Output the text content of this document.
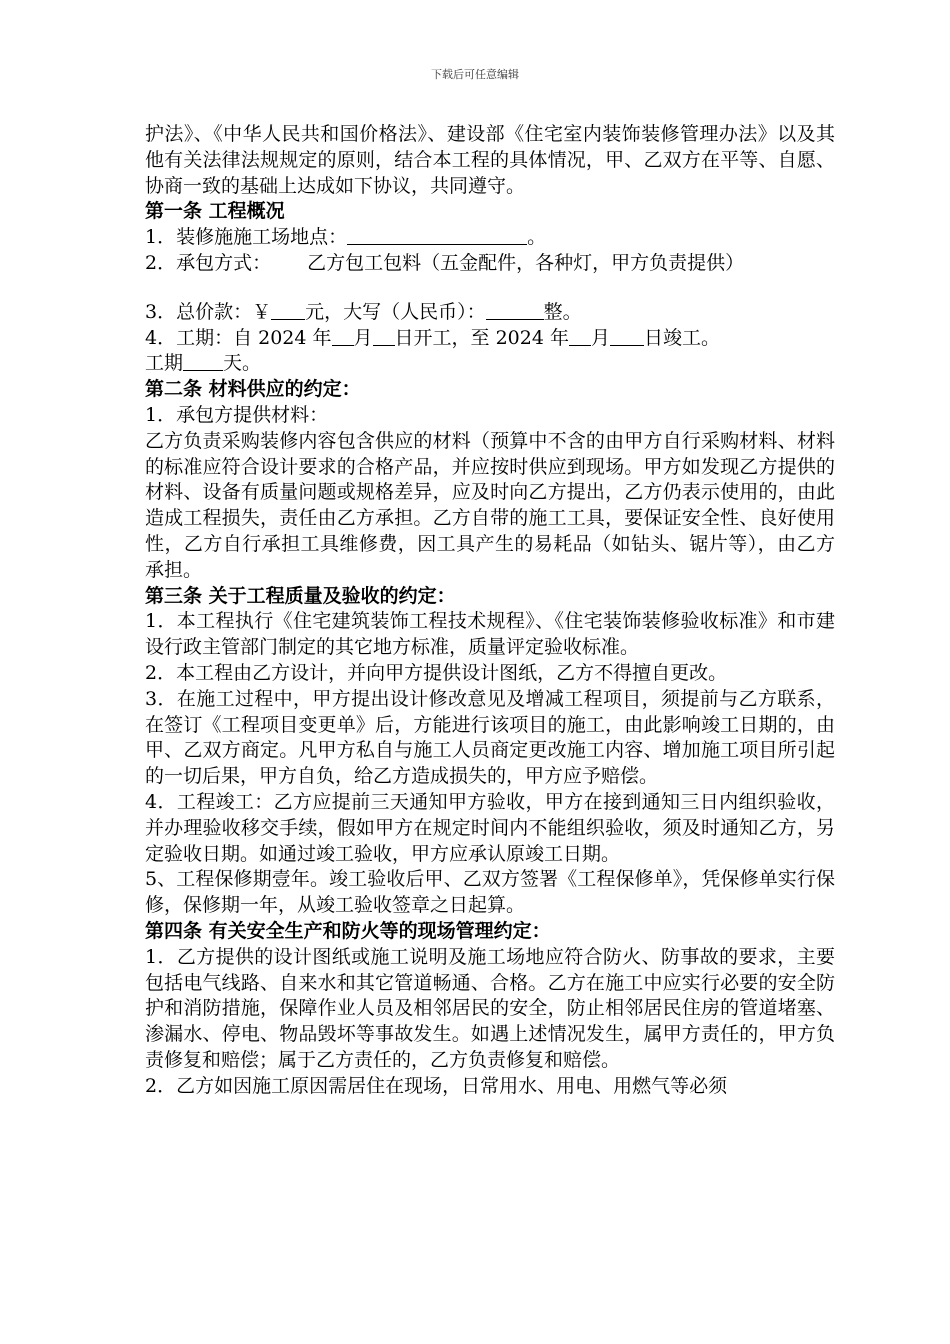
下载后可任意编辑

护法》、《中华人民共和国价格法》、建设部《住宅室内装饰装修管理办法》以及其他有关法律法规规定的原则，结合本工程的具体情况，甲、乙双方在平等、自愿、协商一致的基础上达成如下协议，共同遵守。

第一条 工程概况

1．装修施施工场地点：	。

2．承包方式： 乙方包工包料（五金配件，各种灯，甲方负责提供）

3．总价款：￥ 元，大写（人民币）：	整。

4．工期：自 2024 年 月 日开工，至 2024 年 月 日竣工。

工期 天。

第二条 材料供应的约定：

1．承包方提供材料：

乙方负责采购装修内容包含供应的材料（预算中不含的由甲方自行采购材料、材料的标准应符合设计要求的合格产品，并应按时供应到现场。甲方如发现乙方提供的材料、设备有质量问题或规格差异，应及时向乙方提出，乙方仍表示使用的，由此造成工程损失，责任由乙方承担。乙方自带的施工工具，要保证安全性、良好使用性，乙方自行承担工具维修费，因工具产生的易耗品（如钻头、锯片等），由乙方承担。

第三条 关于工程质量及验收的约定：

1．本工程执行《住宅建筑装饰工程技术规程》、《住宅装饰装修验收标准》和市建设行政主管部门制定的其它地方标准，质量评定验收标准。

2．本工程由乙方设计，并向甲方提供设计图纸，乙方不得擅自更改。

3．在施工过程中，甲方提出设计修改意见及增减工程项目，须提前与乙方联系，在签订《工程项目变更单》后，方能进行该项目的施工，由此影响竣工日期的，由甲、乙双方商定。凡甲方私自与施工人员商定更改施工内容、增加施工项目所引起的一切后果，甲方自负，给乙方造成损失的，甲方应予赔偿。

4．工程竣工：乙方应提前三天通知甲方验收，甲方在接到通知三日内组织验收，并办理验收移交手续，假如甲方在规定时间内不能组织验收，须及时通知乙方，另定验收日期。如通过竣工验收，甲方应承认原竣工日期。

5、工程保修期壹年。竣工验收后甲、乙双方签署《工程保修单》，凭保修单实行保修，保修期一年，从竣工验收签章之日起算。

第四条 有关安全生产和防火等的现场管理约定：

1．乙方提供的设计图纸或施工说明及施工场地应符合防火、防事故的要求，主要包括电气线路、自来水和其它管道畅通、合格。乙方在施工中应实行必要的安全防护和消防措施，保障作业人员及相邻居民的安全，防止相邻居民住房的管道堵塞、渗漏水、停电、物品毁坏等事故发生。如遇上述情况发生，属甲方责任的，甲方负责修复和赔偿；属于乙方责任的，乙方负责修复和赔偿。

2．乙方如因施工原因需居住在现场，日常用水、用电、用燃气等必须
